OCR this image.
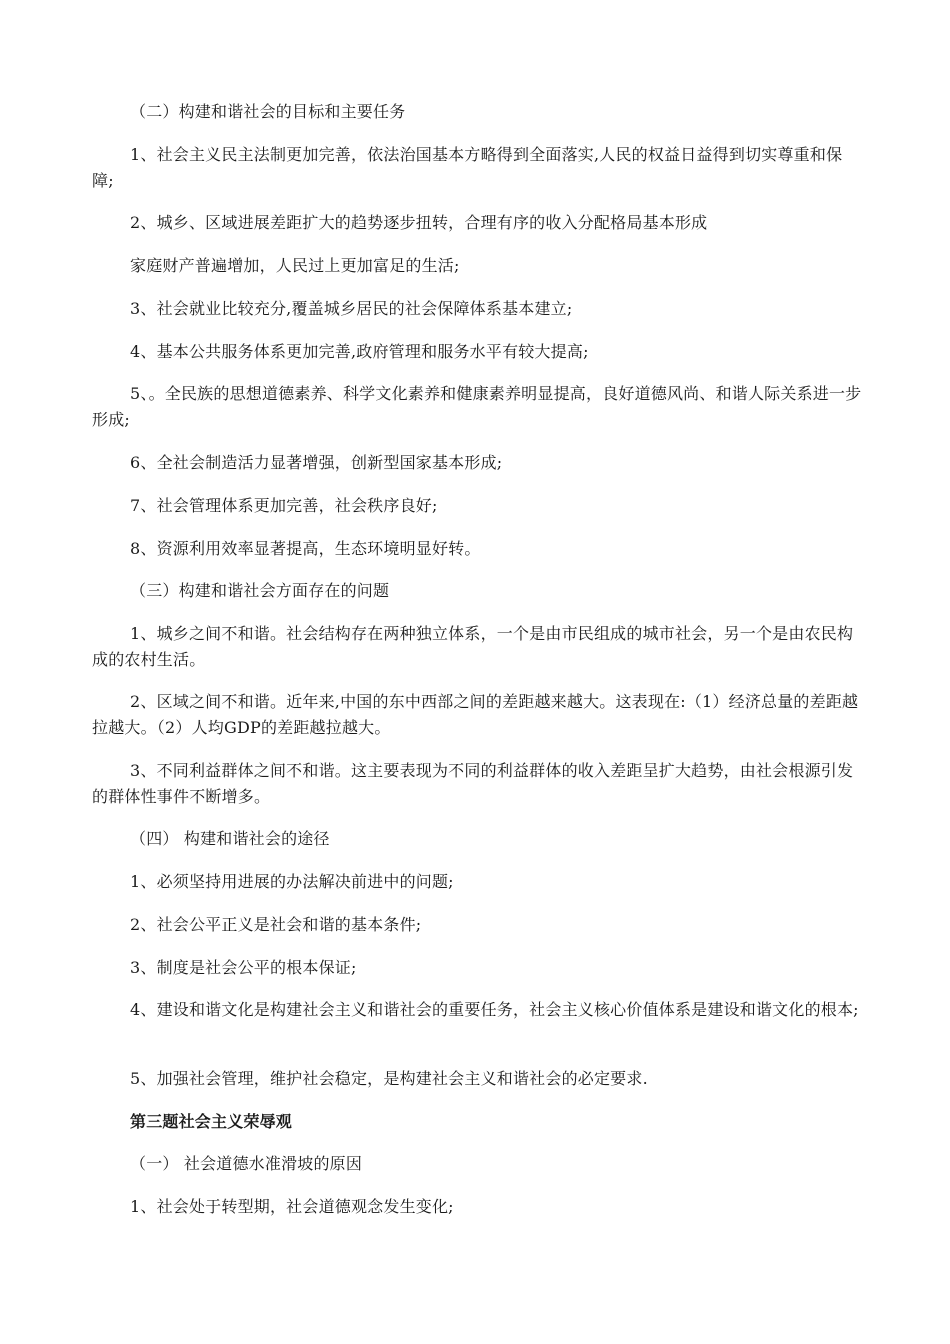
（二）构建和谐社会的目标和主要任务
1、社会主义民主法制更加完善，依法治国基本方略得到全面落实,人民的权益日益得到切实尊重和保障;
2、城乡、区域进展差距扩大的趋势逐步扭转，合理有序的收入分配格局基本形成
家庭财产普遍增加，人民过上更加富足的生活;
3、社会就业比较充分,覆盖城乡居民的社会保障体系基本建立;
4、基本公共服务体系更加完善,政府管理和服务水平有较大提高;
5、。全民族的思想道德素养、科学文化素养和健康素养明显提高，良好道德风尚、和谐人际关系进一步形成;
6、全社会制造活力显著增强，创新型国家基本形成;
7、社会管理体系更加完善，社会秩序良好;
8、资源利用效率显著提高，生态环境明显好转。
（三）构建和谐社会方面存在的问题
1、城乡之间不和谐。社会结构存在两种独立体系，一个是由市民组成的城市社会，另一个是由农民构成的农村生活。
2、区域之间不和谐。近年来,中国的东中西部之间的差距越来越大。这表现在:（1）经济总量的差距越拉越大。（2）人均GDP的差距越拉越大。
3、不同利益群体之间不和谐。这主要表现为不同的利益群体的收入差距呈扩大趋势，由社会根源引发的群体性事件不断增多。
（四） 构建和谐社会的途径
1、必须坚持用进展的办法解决前进中的问题;
2、社会公平正义是社会和谐的基本条件;
3、制度是社会公平的根本保证;
4、建设和谐文化是构建社会主义和谐社会的重要任务，社会主义核心价值体系是建设和谐文化的根本;
5、加强社会管理，维护社会稳定，是构建社会主义和谐社会的必定要求.
第三题社会主义荣辱观
（一） 社会道德水准滑坡的原因
1、社会处于转型期，社会道德观念发生变化;
